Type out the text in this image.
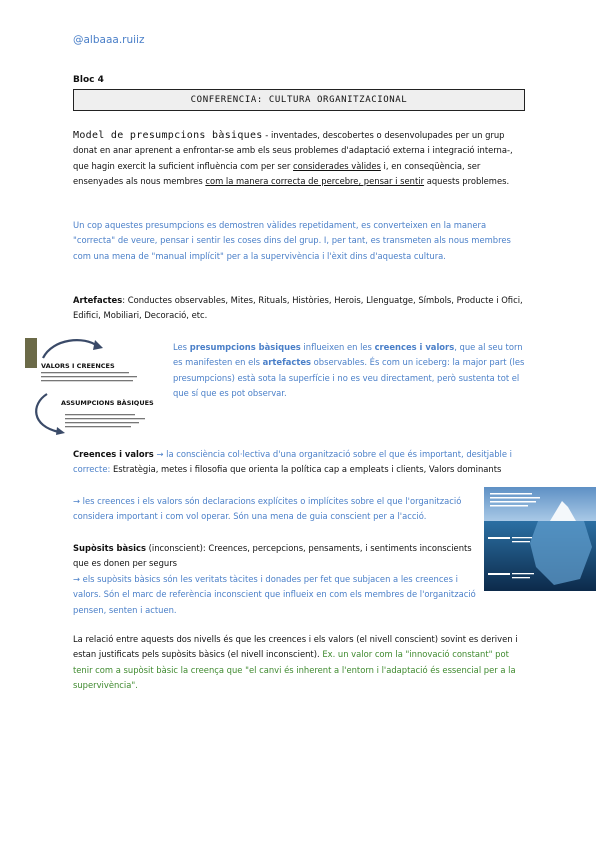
@albaaa.ruiiz
Bloc 4
CONFERENCIA: CULTURA ORGANITZACIONAL
Model de presumpcions bàsiques - inventades, descobertes o desenvolupades per un grup donat en anar aprenent a enfrontar-se amb els seus problemes d'adaptació externa i integració interna-, que hagin exercit la suficient influència com per ser considerades vàlides i, en conseqüència, ser ensenyades als nous membres com la manera correcta de percebre, pensar i sentir aquests problemes.
Un cop aquestes presumpcions es demostren vàlides repetidament, es converteixen en la manera "correcta" de veure, pensar i sentir les coses dins del grup. I, per tant, es transmeten als nous membres com una mena de "manual implícit" per a la supervivència i l'èxit dins d'aquesta cultura.
Artefactes: Conductes observables, Mites, Rituals, Històries, Herois, Llenguatge, Símbols, Producte i Ofici, Edifici, Mobiliari, Decoració, etc.
VALORS I CREENCES
ASSUMPCIONS BÀSIQUES
Les presumpcions bàsiques influeixen en les creences i valors, que al seu torn es manifesten en els artefactes observables. És com un iceberg: la major part (les presumpcions) està sota la superfície i no es veu directament, però sustenta tot el que sí que es pot observar.
Creences i valors → la consciència col·lectiva d'una organització sobre el que és important, desitjable i correcte: Estratègia, metes i filosofia que orienta la política cap a empleats i clients, Valors dominants
→ les creences i els valors són declaracions explícites o implícites sobre el que l'organització considera important i com vol operar. Són una mena de guia conscient per a l'acció.
Supòsits bàsics (inconscient): Creences, percepcions, pensaments, i sentiments inconscients que es donen per segurs
→ els supòsits bàsics són les veritats tàcites i donades per fet que subjacen a les creences i valors. Són el marc de referència inconscient que influeix en com els membres de l'organització pensen, senten i actuen.
La relació entre aquests dos nivells és que les creences i els valors (el nivell conscient) sovint es deriven i estan justificats pels supòsits bàsics (el nivell inconscient). Ex. un valor com la "innovació constant" pot tenir com a supòsit bàsic la creença que "el canvi és inherent a l'entorn i l'adaptació és essencial per a la supervivència".
